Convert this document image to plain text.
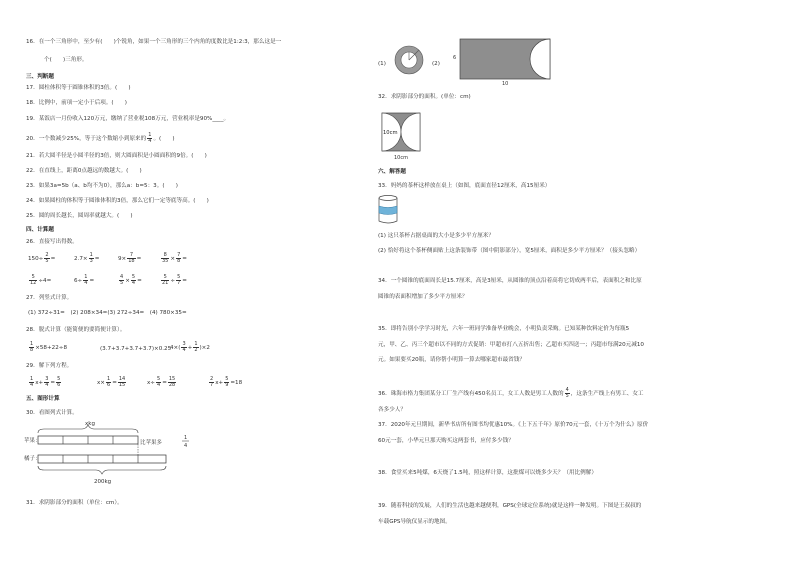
16．在一个三角形中，至少有(　　)个锐角，如果一个三角形的三个内角的度数比是1:2:3，那么这是一
个(　　)三角形。
三、判断题
17．圆柱体积等于圆锥体积的3倍。(　　)
18．比例中，前项一定小于后项。(　　)
19．某饭店一月份收入120万元，缴纳了营业税108万元，营业税率是90%____。
20．一个数减少25%，等于这个数缩小到原来的 $\frac{1}{4}$ 。(　　)
21．若大圆半径是小圆半径的3倍，则大圆面积是小圆面积的9倍。(　　)
22．在直线上，距离0点越远的数越大。(　　)
23．如果3a=5b（a、b均不为0），那么a：b=5：3。(　　)
24．如果圆柱的体积等于圆锥体积的3倍，那么它们一定等底等高。(　　)
25．圆的周长越长，圆周率就越大。(　　)
四、计算题
26．直接写出得数。
$150\div \frac{2}{5}$ =	$2.7\times \frac{1}{3}$ =	$9\times \frac{7}{18}$ =	$\frac{8}{35} \times \frac{7}{8}$ =
$\frac{5}{12} \div 4=$	$6\div \frac{1}{4}$ =	$\frac{4}{5} \times \frac{5}{4}$ =	$\frac{5}{21} \div \frac{5}{7}$ =
27．列竖式计算。
(1) 372÷31=　(2) 208×34=(3) 272÷34=　(4) 780×35=
28．脱式计算（能简便的要简便计算）。
$\frac{1}{8} \times 58+22\div 8$	(3.7+3.7+3.7+3.7)×0.25
$4\times( \frac{3}{4} + \frac{1}{2} )\times 2$
29．解下列方程。
$\frac{1}{4} x+ \frac{3}{4} = \frac{5}{6}$	$x\times \frac{1}{6} = \frac{14}{15}$	$x\div \frac{5}{4} = \frac{15}{28}$	$\frac{2}{7} x+ \frac{5}{9} =18$
五、图形计算
30．看图列式计算。
xkg
苹果：	比苹果多
1
4
橘子：
200kg
31．求阴影部分的面积（单位：cm）。
(1)	(2)
6
10
32．求阴影部分的面积。(单位：cm)
10cm
10cm
六、解答题
33．妈妈的茶杯这样放在桌上（如图，底面直径12厘米，高15厘米）
(1) 这只茶杯占据桌面的大小是多少平方厘米？
(2) 恰好将这个茶杯侧面贴上这条装饰带（图中阴影部分），宽5厘米，面积是多少平方厘米？（接头忽略）
34．一个圆锥的底面周长是15.7厘米，高是3厘米，从圆锥的顶点沿着高将它切成两半后，表面积之和比原
圆锥的表面积增加了多少平方厘米？
35．即将告别小学学习时光，六年一班同学准备毕业晚会，小明负责采购。已知某种饮料定价为每瓶5
元，甲、乙、丙三个超市以不同的方式促销：甲超市打八五折出售；乙超市买四送一；丙超市每满20元减10
元。如果要买20瓶，请你帮小明算一算去哪家超市最省钱？
36．珠海市格力集团某分工厂生产线有450名员工，女工人数是男工人数的 $\frac{4}{5}$ ，这条生产线上有男工、女工
各多少人？
37．2020年元旦期间，新华书店所有图书均优惠10%。《上下五千年》原价70元一套，《十万个为什么》原价
60元一套，小华元旦那天购买这两套书，应付多少钱？
38．食堂买来5吨煤，6天烧了1.5吨，照这样计算，这批煤可以烧多少天？（用比例解）
39．随着科技的发展，人们的生活也越来越便利，GPS(全球定位系统)就是这样一种发明。下图是王叔叔的
车载GPS导航仪显示的地图。
